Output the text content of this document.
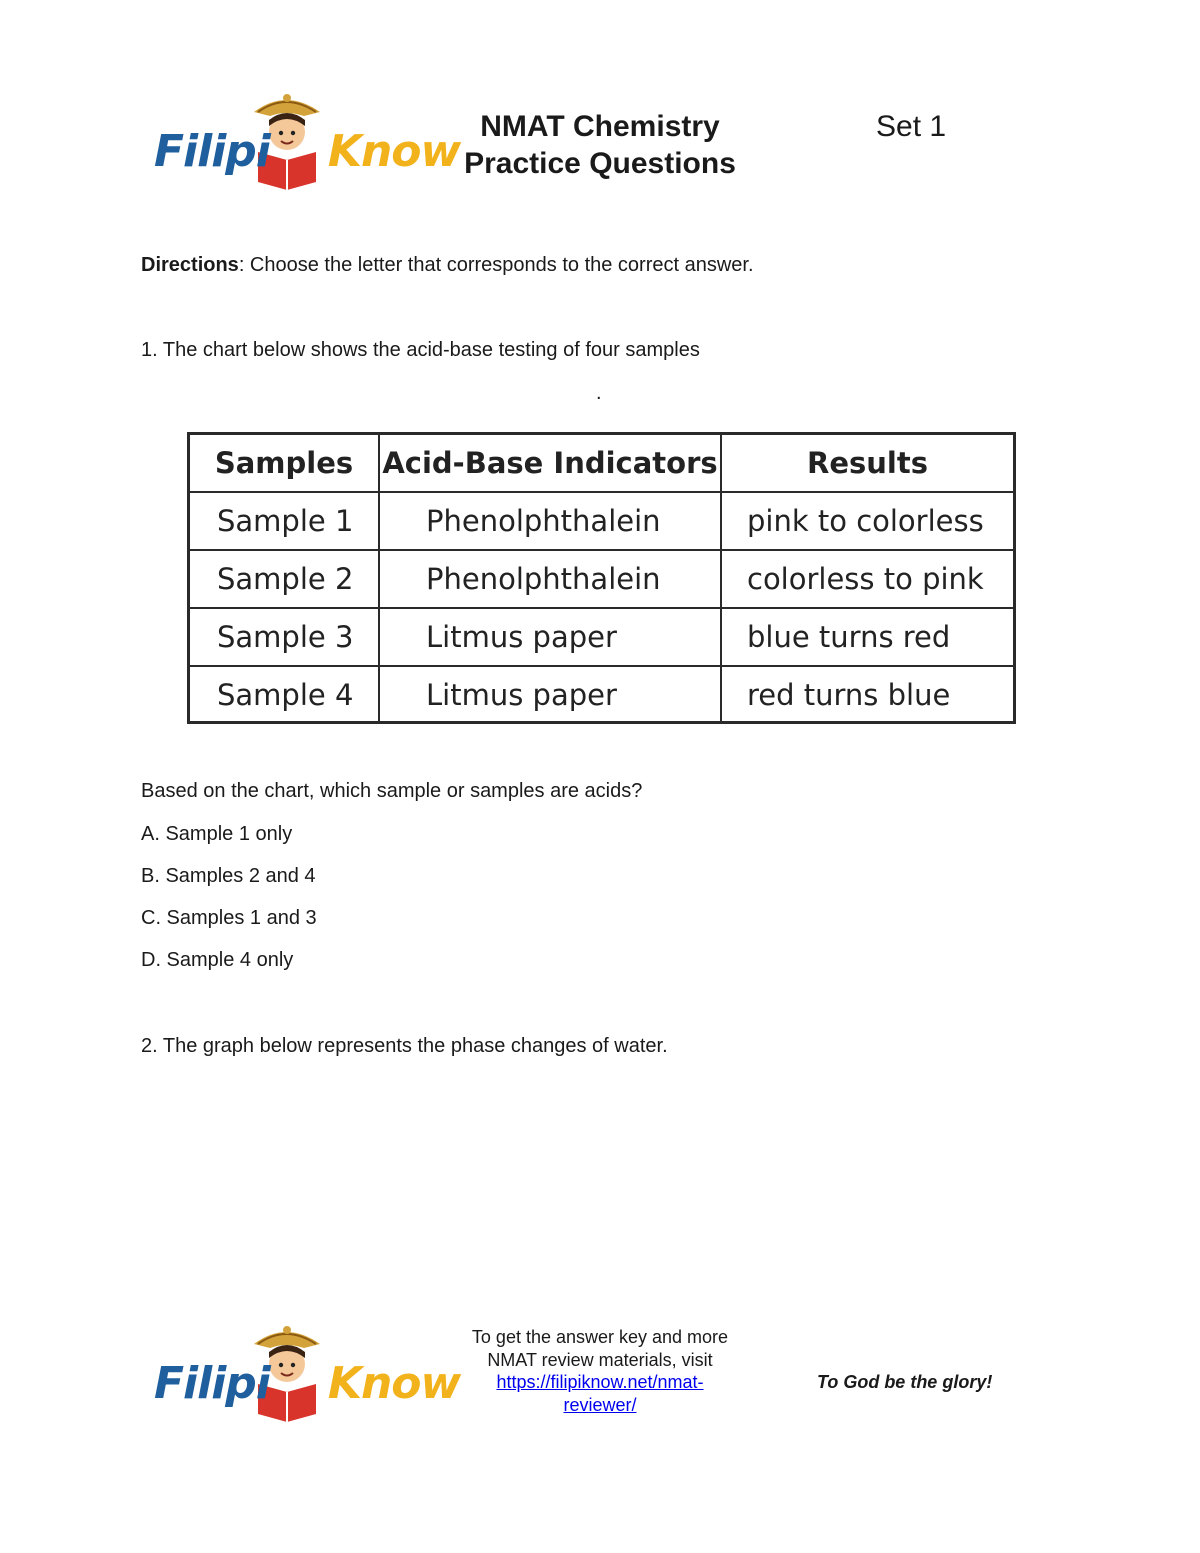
Filipi Know NMAT Chemistry
Practice Questions
Set 1
Directions: Choose the letter that corresponds to the correct answer.
1. The chart below shows the acid-base testing of four samples
.
Samples	Acid-Base Indicators	Results
Sample 1	Phenolphthalein	pink to colorless
Sample 2	Phenolphthalein	colorless to pink
Sample 3	Litmus paper	blue turns red
Sample 4	Litmus paper	red turns blue
Based on the chart, which sample or samples are acids?
A. Sample 1 only
B. Samples 2 and 4
C. Samples 1 and 3
D. Sample 4 only
2. The graph below represents the phase changes of water.
Filipi Know
To get the answer key and more
NMAT review materials, visit
https://filipiknow.net/nmat-
reviewer/
To God be the glory!
